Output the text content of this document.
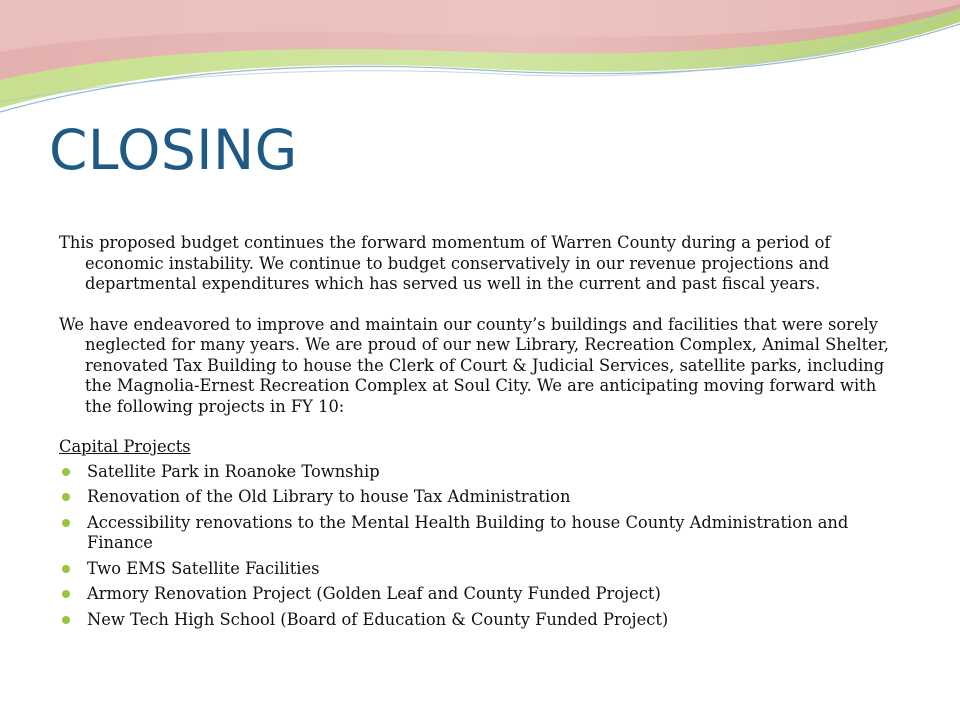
CLOSING

This proposed budget continues the forward momentum of Warren County during a period of economic instability. We continue to budget conservatively in our revenue projections and departmental expenditures which has served us well in the current and past fiscal years.

We have endeavored to improve and maintain our county’s buildings and facilities that were sorely neglected for many years. We are proud of our new Library, Recreation Complex, Animal Shelter, renovated Tax Building to house the Clerk of Court & Judicial Services, satellite parks, including the Magnolia-Ernest Recreation Complex at Soul City. We are anticipating moving forward with the following projects in FY 10:

Capital Projects

Satellite Park in Roanoke Township
Renovation of the Old Library to house Tax Administration
Accessibility renovations to the Mental Health Building to house County Administration and Finance
Two EMS Satellite Facilities
Armory Renovation Project (Golden Leaf and County Funded Project)
New Tech High School (Board of Education & County Funded Project)
